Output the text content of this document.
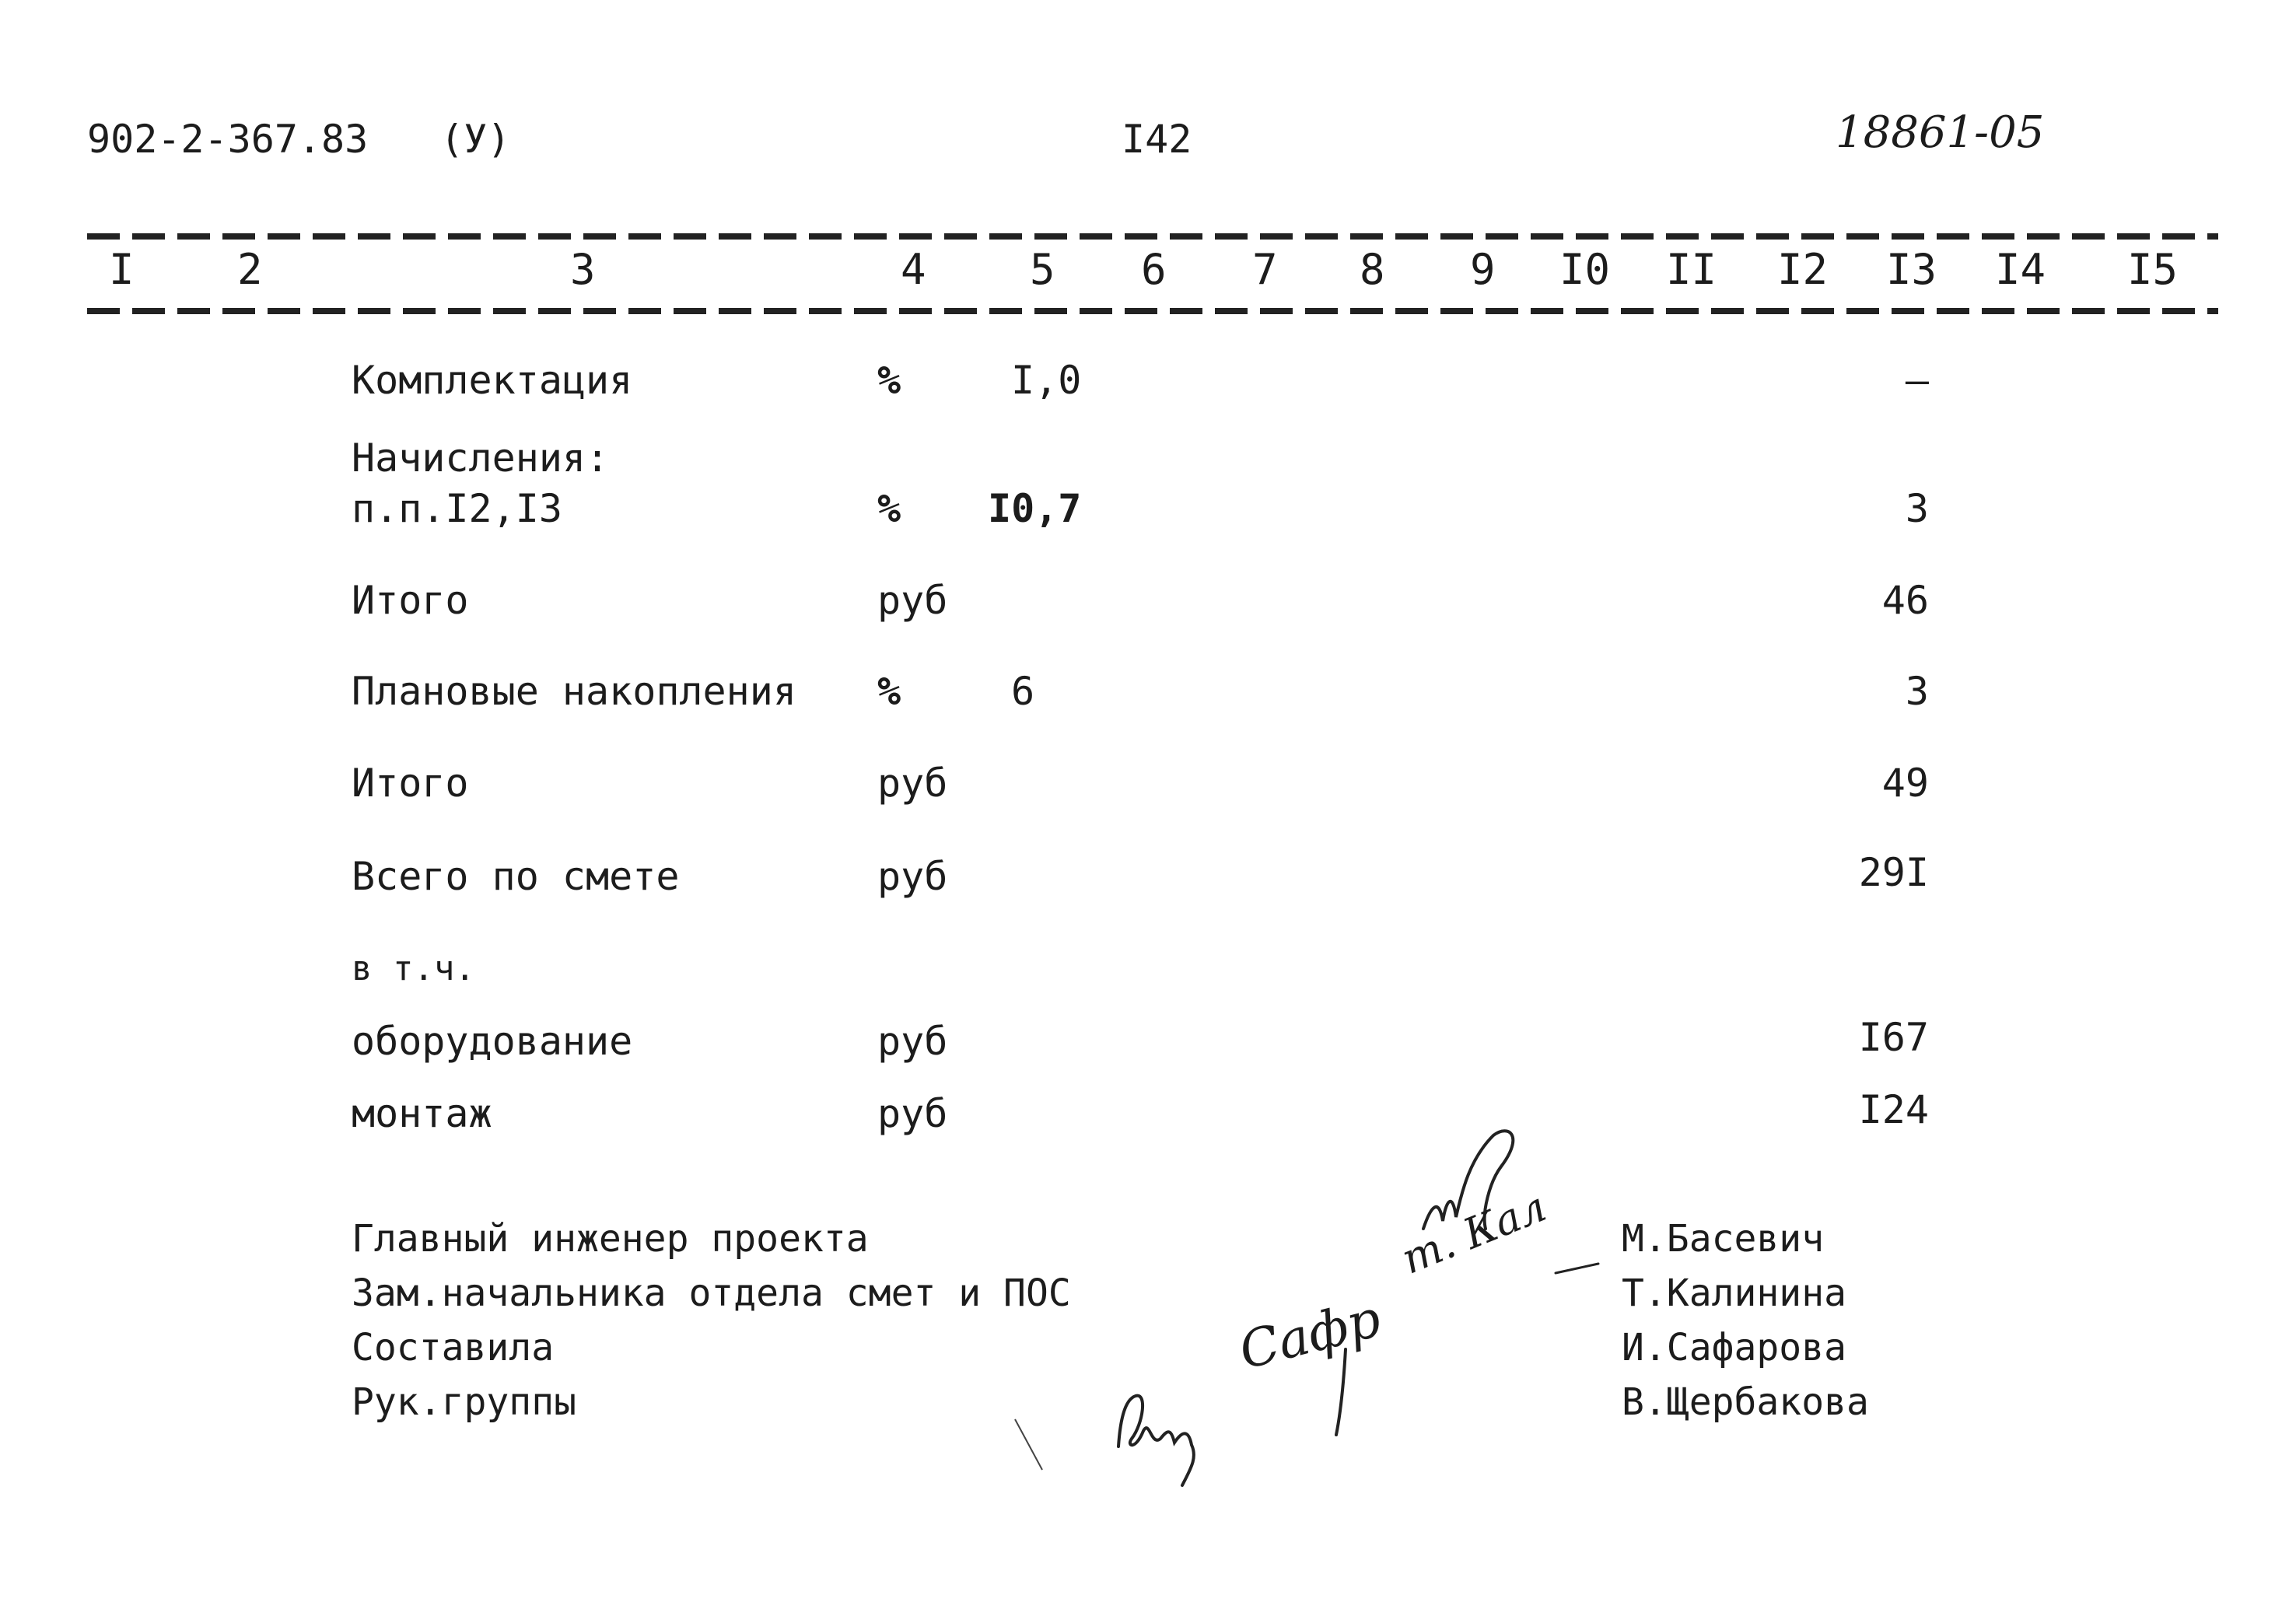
902-2-367.83 (У)	I42	18861-05
I 2	3	4 5 6 7 8 9 I0 II I2 I3 I4 I5
Комплектация	%	I,0	–
Начисления:
п.п.I2,I3	% I0,7	3
Итого	руб	46
Плановые накопления %	6	3
Итого	руб	49
Всего по смете	руб	29I
в т.ч.
оборудование	руб	I67
монтаж	руб	I24
Главный инженер проекта
Зам.начальника отдела смет и ПОС
Составила
Рук.группы
М.Басевич
Т.Калинина
И.Сафарова
В.Щербакова
т. Кал
Сафр
